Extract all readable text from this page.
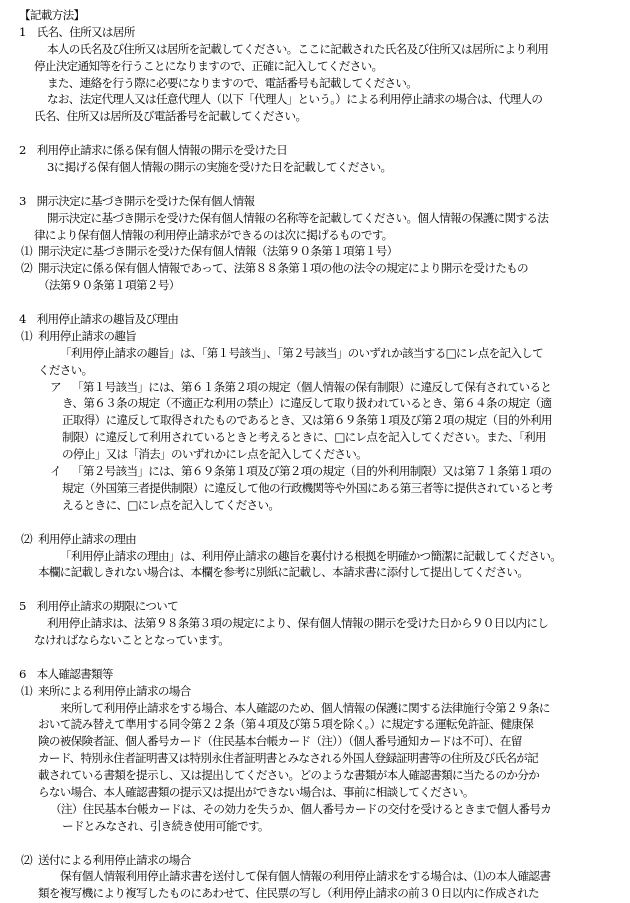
【記載方法】
1　氏名、住所又は居所
本人の氏名及び住所又は居所を記載してください。ここに記載された氏名及び住所又は居所により利用
停止決定通知等を行うことになりますので、正確に記入してください。
また、連絡を行う際に必要になりますので、電話番号も記載してください。
なお、法定代理人又は任意代理人（以下「代理人」という。）による利用停止請求の場合は、代理人の
氏名、住所又は居所及び電話番号を記載してください。
2　利用停止請求に係る保有個人情報の開示を受けた日
3に掲げる保有個人情報の開示の実施を受けた日を記載してください。
3　開示決定に基づき開示を受けた保有個人情報
開示決定に基づき開示を受けた保有個人情報の名称等を記載してください。個人情報の保護に関する法
律により保有個人情報の利用停止請求ができるのは次に掲げるものです。
⑴ 開示決定に基づき開示を受けた保有個人情報（法第９０条第１項第１号）
⑵ 開示決定に係る保有個人情報であって、法第８８条第１項の他の法令の規定により開示を受けたもの
（法第９０条第１項第２号）
4　利用停止請求の趣旨及び理由
⑴ 利用停止請求の趣旨
「利用停止請求の趣旨」は、「第１号該当」、「第２号該当」のいずれか該当する□にレ点を記入して
ください。
ア 「第１号該当」には、第６１条第２項の規定（個人情報の保有制限）に違反して保有されていると
き、第６３条の規定（不適正な利用の禁止）に違反して取り扱われているとき、第６４条の規定（適
正取得）に違反して取得されたものであるとき、又は第６９条第１項及び第２項の規定（目的外利用
制限）に違反して利用されているときと考えるときに、□にレ点を記入してください。また、「利用
の停止」又は「消去」のいずれかにレ点を記入してください。
イ 「第２号該当」には、第６９条第１項及び第２項の規定（目的外利用制限）又は第７１条第１項の
規定（外国第三者提供制限）に違反して他の行政機関等や外国にある第三者等に提供されていると考
えるときに、□にレ点を記入してください。
⑵ 利用停止請求の理由
「利用停止請求の理由」は、利用停止請求の趣旨を裏付ける根拠を明確かつ簡潔に記載してください。
本欄に記載しきれない場合は、本欄を参考に別紙に記載し、本請求書に添付して提出してください。
5　利用停止請求の期限について
利用停止請求は、法第９８条第３項の規定により、保有個人情報の開示を受けた日から９０日以内にし
なければならないこととなっています。
6　本人確認書類等
⑴ 来所による利用停止請求の場合
来所して利用停止請求をする場合、本人確認のため、個人情報の保護に関する法律施行令第２９条に
おいて読み替えて準用する同令第２２条（第４項及び第５項を除く。）に規定する運転免許証、健康保
険の被保険者証、個人番号カード（住民基本台帳カード（注））（個人番号通知カードは不可）、在留
カード、特別永住者証明書又は特別永住者証明書とみなされる外国人登録証明書等の住所及び氏名が記
載されている書類を提示し、又は提出してください。どのような書類が本人確認書類に当たるのか分か
らない場合、本人確認書類の提示又は提出ができない場合は、事前に相談してください。
（注）住民基本台帳カードは、その効力を失うか、個人番号カードの交付を受けるときまで個人番号カ
ードとみなされ、引き続き使用可能です。
⑵ 送付による利用停止請求の場合
保有個人情報利用停止請求書を送付して保有個人情報の利用停止請求をする場合は、⑴の本人確認書
類を複写機により複写したものにあわせて、住民票の写し（利用停止請求の前３０日以内に作成された
